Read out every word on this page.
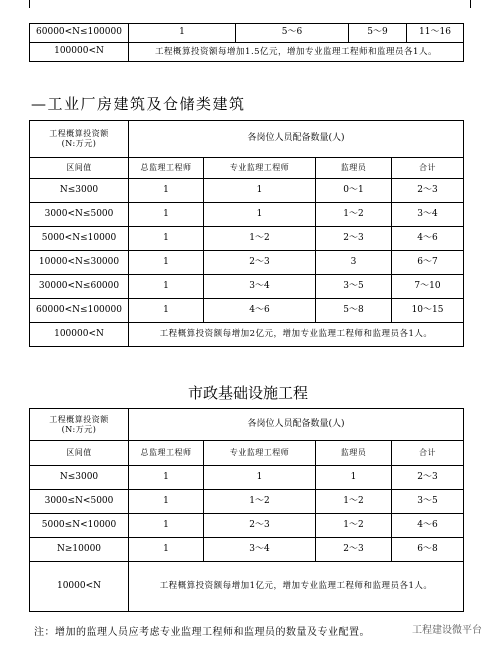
60000<N≤100000	1	5～6	5～9	11～16
100000<N	工程概算投资额每增加1.5亿元，增加专业监理工程师和监理员各1人。			
—工业厂房建筑及仓储类建筑
工程概算投资额
(N:万元)	各岗位人员配备数量(人)			
区间值	总监理工程师	专业监理工程师	监理员	合计
N≤3000	1	1	0～1	2～3
3000<N≤5000	1	1	1～2	3～4
5000<N≤10000	1	1～2	2～3	4～6
10000<N≤30000	1	2～3	3	6～7
30000<N≤60000	1	3～4	3～5	7～10
60000<N≤100000	1	4～6	5～8	10～15
100000<N	工程概算投资额每增加2亿元，增加专业监理工程师和监理员各1人。			
市政基础设施工程
工程概算投资额
(N:万元)	各岗位人员配备数量(人)			
区间值	总监理工程师	专业监理工程师	监理员	合计
N≤3000	1	1	1	2～3
3000≤N<5000	1	1～2	1～2	3～5
5000≤N<10000	1	2～3	1～2	4～6
N≥10000	1	3～4	2～3	6～8
10000<N	工程概算投资额每增加1亿元，增加专业监理工程师和监理员各1人。			
注：增加的监理人员应考虑专业监理工程师和监理员的数量及专业配置。	工程建设微平台
